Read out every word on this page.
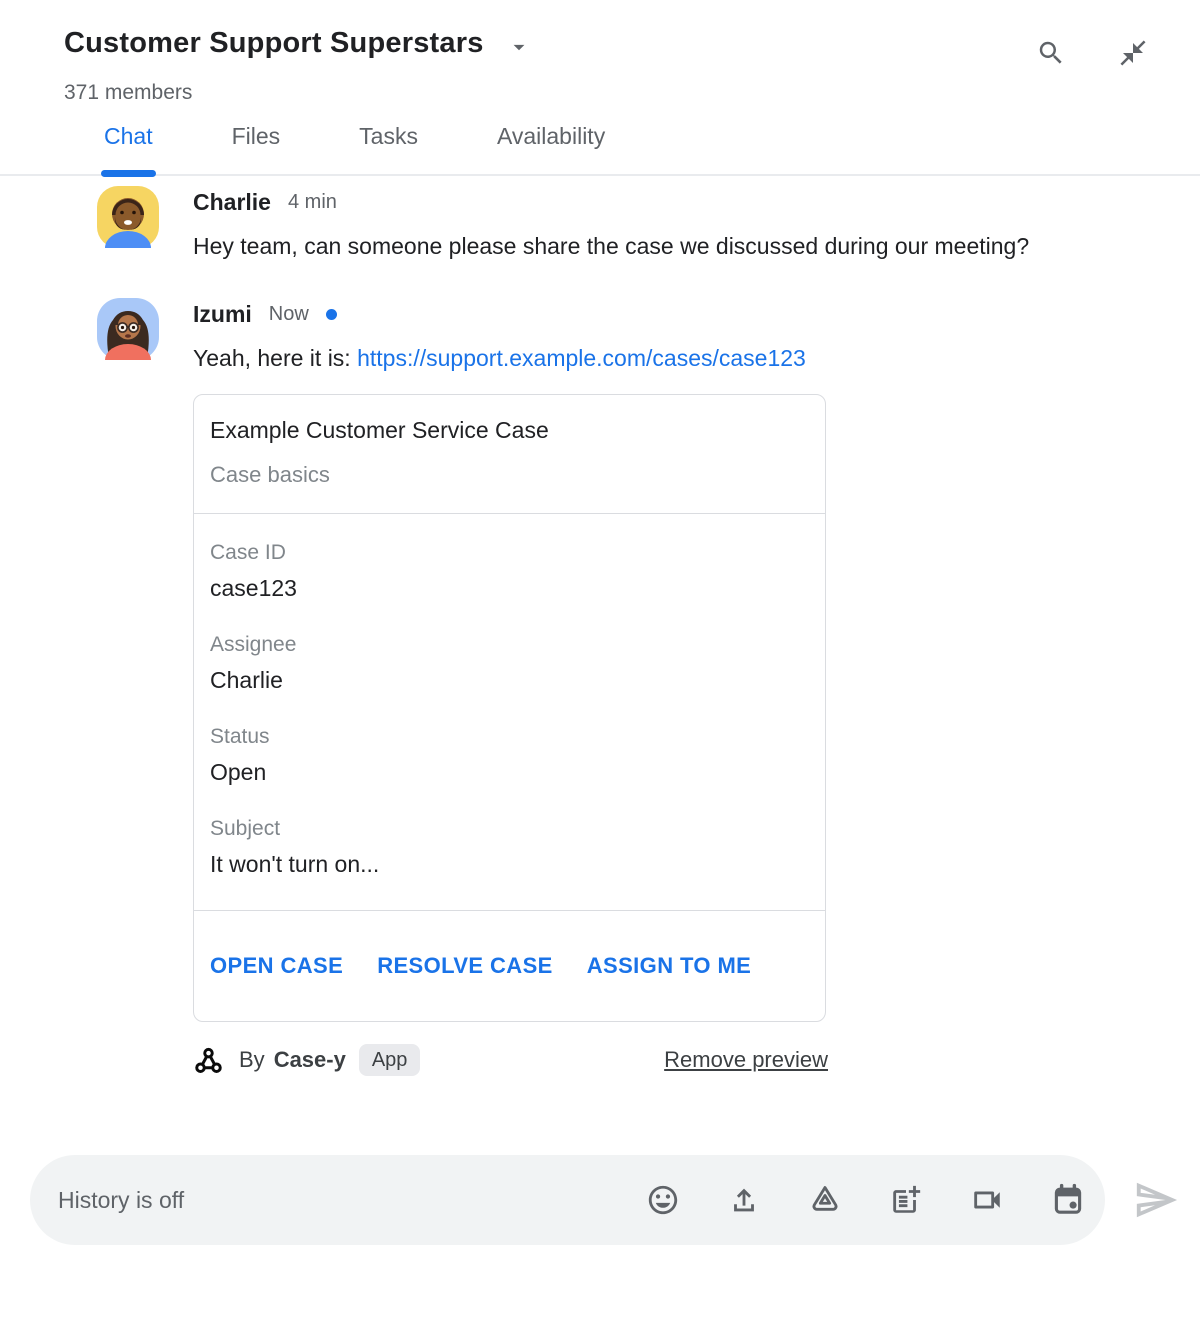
Customer Support Superstars
371 members
Chat	Files	Tasks	Availability
Charlie 4 min
Hey team, can someone please share the case we discussed during our meeting?
Izumi Now
Yeah, here it is: https://support.example.com/cases/case123
Example Customer Service Case
Case basics
Case ID
case123
Assignee
Charlie
Status
Open
Subject
It won't turn on...
OPEN CASE RESOLVE CASE ASSIGN TO ME
By Case-y	App	Remove preview
History is off
